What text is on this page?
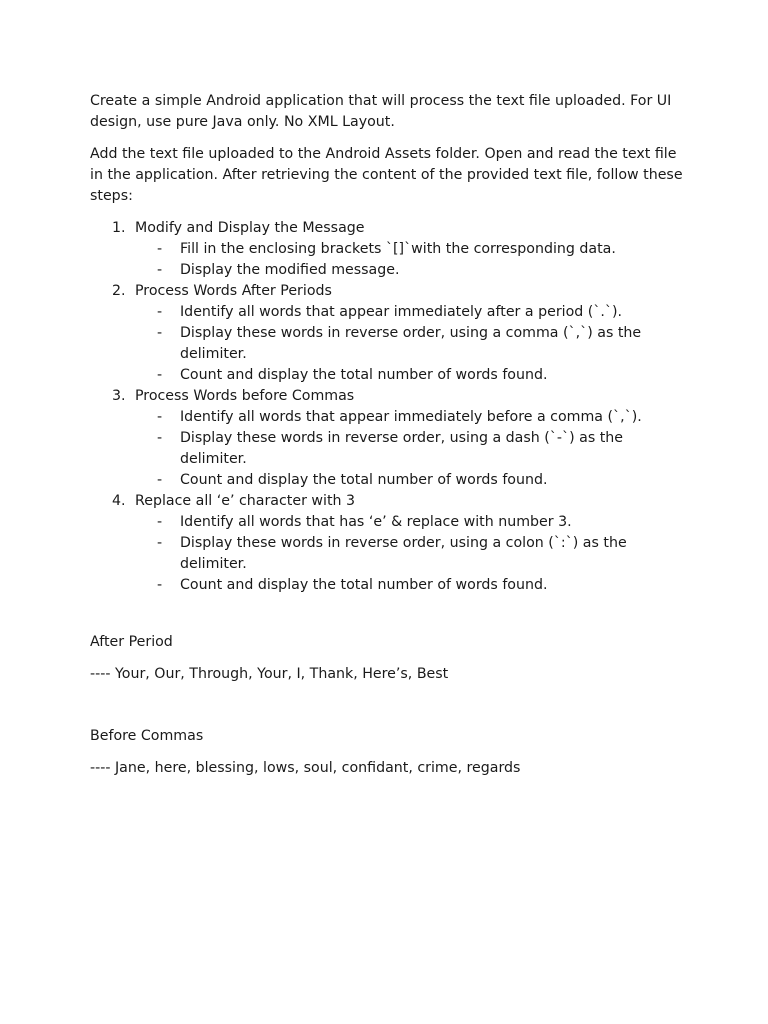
Create a simple Android application that will process the text file uploaded. For UI design, use pure Java only. No XML Layout.

Add the text file uploaded to the Android Assets folder. Open and read the text file in the application. After retrieving the content of the provided text file, follow these steps:

1. Modify and Display the Message
- Fill in the enclosing brackets `[]`with the corresponding data.
- Display the modified message.
2. Process Words After Periods
- Identify all words that appear immediately after a period (`.`).
- Display these words in reverse order, using a comma (`,`) as the delimiter.
- Count and display the total number of words found.
3. Process Words before Commas
- Identify all words that appear immediately before a comma (`,`).
- Display these words in reverse order, using a dash (`-`) as the delimiter.
- Count and display the total number of words found.
4. Replace all ‘e’ character with 3
- Identify all words that has ‘e’ & replace with number 3.
- Display these words in reverse order, using a colon (`:`) as the delimiter.
- Count and display the total number of words found.

After Period

---- Your, Our, Through, Your, I, Thank, Here’s, Best

Before Commas

---- Jane, here, blessing, lows, soul, confidant, crime, regards
